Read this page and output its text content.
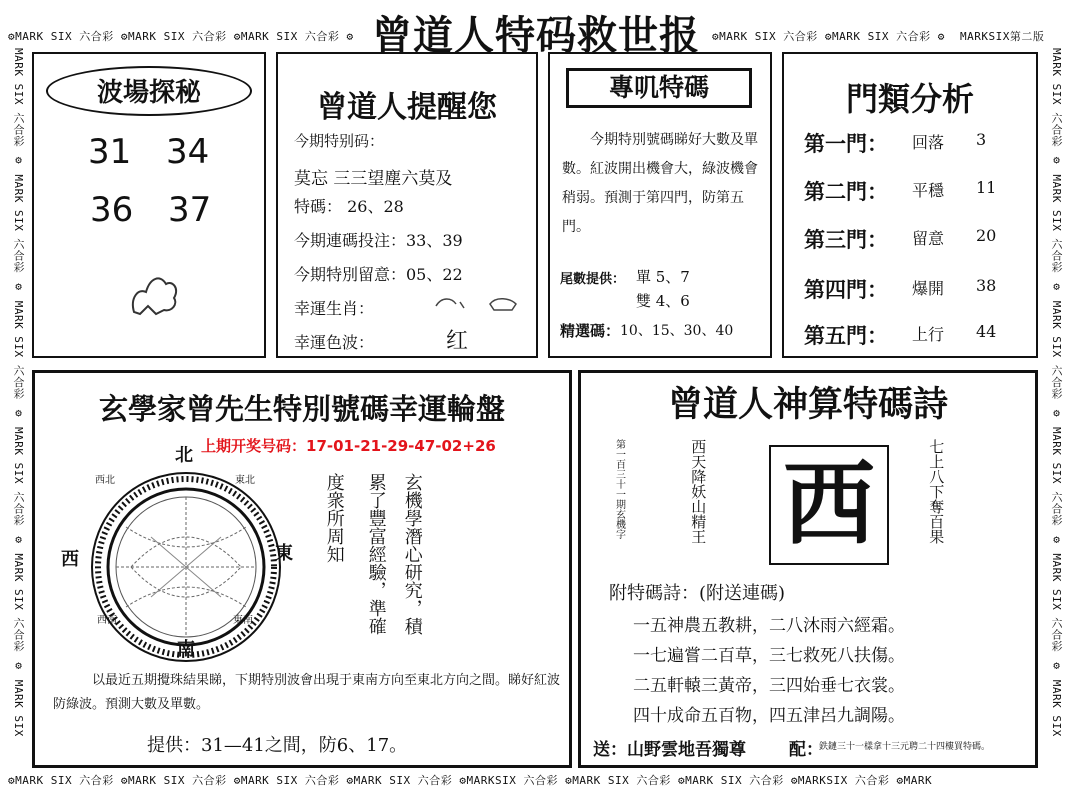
⚙MARK SIX 六合彩 ⚙MARK SIX 六合彩 ⚙MARK SIX 六合彩 ⚙	⚙MARK SIX 六合彩 ⚙MARK SIX 六合彩 ⚙	MARKSIX第二版
⚙MARK SIX 六合彩 ⚙MARK SIX 六合彩 ⚙MARK SIX 六合彩 ⚙MARK SIX 六合彩 ⚙MARKSIX 六合彩 ⚙MARK SIX 六合彩 ⚙MARK SIX 六合彩 ⚙MARKSIX 六合彩 ⚙MARK
MARK SIX 六合彩 ⚙ MARK SIX 六合彩 ⚙ MARK SIX 六合彩 ⚙ MARK SIX 六合彩 ⚙ MARK SIX 六合彩 ⚙ MARK SIX	MARK SIX 六合彩 ⚙ MARK SIX 六合彩 ⚙ MARK SIX 六合彩 ⚙ MARK SIX 六合彩 ⚙ MARK SIX 六合彩 ⚙ MARK SIX
曾道人特码救世报
波場探秘
31 34
36 37
曾道人提醒您
今期特别码：
莫忘 三三望塵六莫及
特碼： 26、28
今期連碼投注：33、39
今期特別留意：05、22
幸運生肖：
幸運色波：	红
專叽特碼
今期特別號碼睇好大數及單數。紅波開出機會大，綠波機會稍弱。預測于第四門，防第五門。
尾數提供： 單 5、7
雙 4、6
精選碼： 10、15、30、40
門類分析
第一門： 回落 3
第二門： 平穩 11
第三門： 留意 20
第四門： 爆開 38
第五門： 上行 44
玄學家曾先生特別號碼幸運輪盤
上期开奖号码：17-01-21-29-47-02+26
北
南
西	東
西北	東北
西南	東南	玄機學潛心研究，積
累了豐富經驗，準確
度衆所周知
以最近五期攪珠結果睇，下期特別波會出現于東南方向至東北方向之間。睇好紅波防綠波。預測大數及單數。
提供：31—41之間，防6、17。
曾道人神算特碼詩
第一百三十一期玄機字	西天降妖山精王 西	七上八下奪百果
附特碼詩：(附送連碼)
一五神農五教耕，二八沐雨六經霜。
一七遍嘗二百草，三七救死八扶傷。
二五軒轅三黃帝，三四始垂七衣裳。
四十成命五百物，四五津呂九調陽。
送：山野雲地吾獨尊	配：
鉄鏈三十一樣拿十三元聘二十四樓買特碼。
